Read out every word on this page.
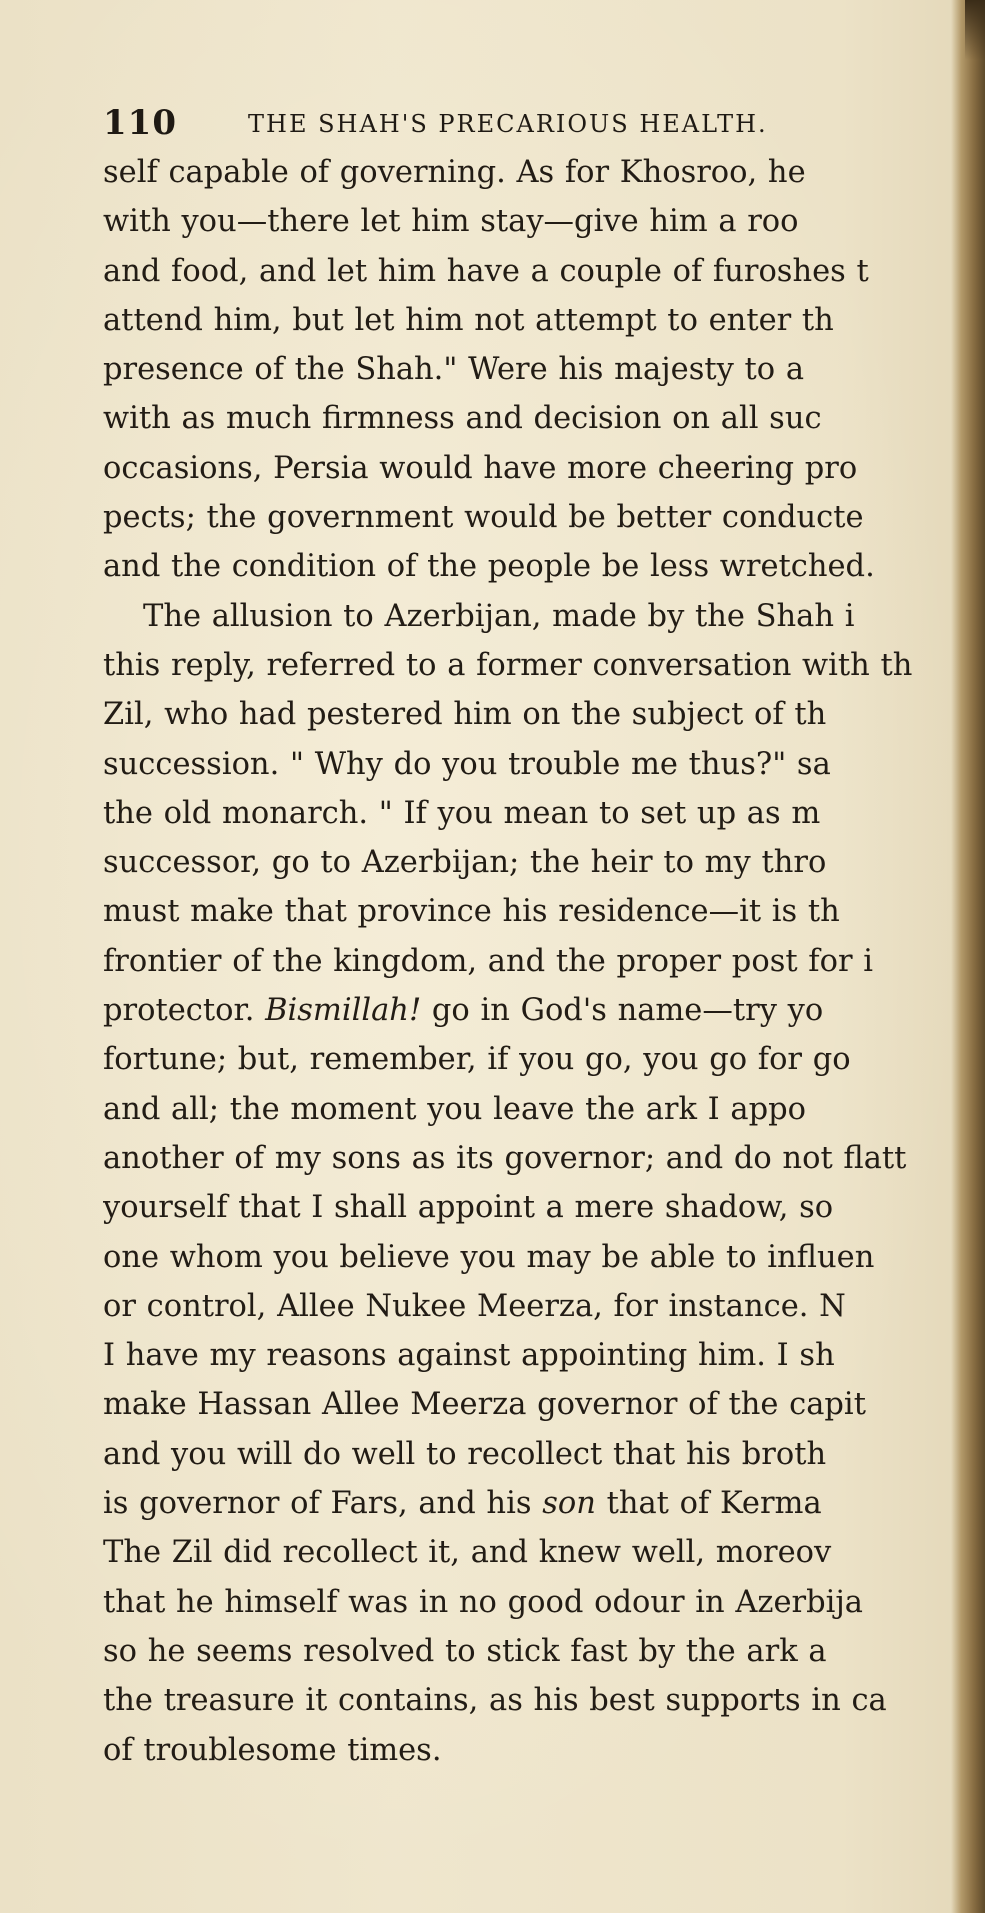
110	THE SHAH'S PRECARIOUS HEALTH.
self capable of governing. As for Khosroo, he
with you—there let him stay—give him a roo
and food, and let him have a couple of furoshes t
attend him, but let him not attempt to enter th
presence of the Shah." Were his majesty to a
with as much firmness and decision on all suc
occasions, Persia would have more cheering pro
pects; the government would be better conducte
and the condition of the people be less wretched.
The allusion to Azerbijan, made by the Shah i
this reply, referred to a former conversation with th
Zil, who had pestered him on the subject of th
succession. " Why do you trouble me thus?" sa
the old monarch. " If you mean to set up as m
successor, go to Azerbijan; the heir to my thro
must make that province his residence—it is th
frontier of the kingdom, and the proper post for i
protector. Bismillah! go in God's name—try yo
fortune; but, remember, if you go, you go for go
and all; the moment you leave the ark I appo
another of my sons as its governor; and do not flatt
yourself that I shall appoint a mere shadow, so
one whom you believe you may be able to influen
or control, Allee Nukee Meerza, for instance. N
I have my reasons against appointing him. I sh
make Hassan Allee Meerza governor of the capit
and you will do well to recollect that his broth
is governor of Fars, and his son that of Kerma
The Zil did recollect it, and knew well, moreov
that he himself was in no good odour in Azerbija
so he seems resolved to stick fast by the ark a
the treasure it contains, as his best supports in ca
of troublesome times.
